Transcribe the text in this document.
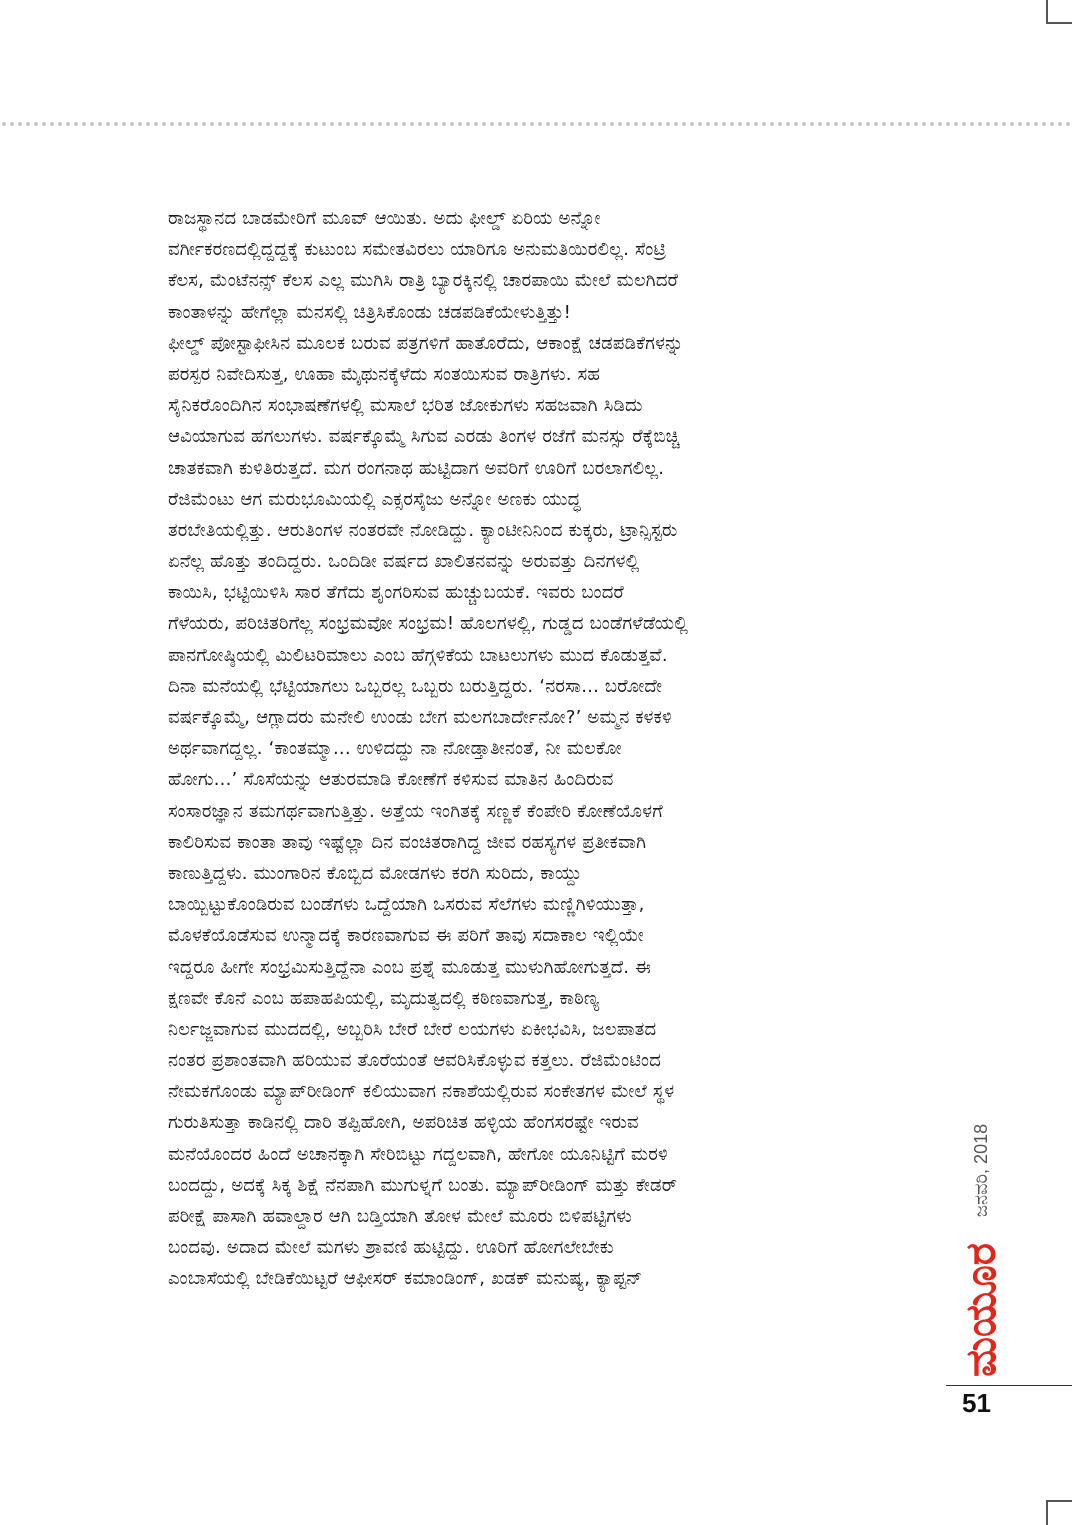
ರಾಜಸ್ಥಾನದ ಬಾಡಮೇರಿಗೆ ಮೂವ್ ಆಯಿತು. ಅದು ಫೀಲ್ಡ್ ಏರಿಯ ಅನ್ನೋ
ವರ್ಗೀಕರಣದಲ್ಲಿದ್ದದ್ದಕ್ಕೆ ಕುಟುಂಬ ಸಮೇತವಿರಲು ಯಾರಿಗೂ ಅನುಮತಿಯಿರಲಿಲ್ಲ. ಸೆಂಟ್ರಿ
ಕೆಲಸ, ಮೆಂಟೆನನ್ಸ್ ಕೆಲಸ ಎಲ್ಲ ಮುಗಿಸಿ ರಾತ್ರಿ ಬ್ಯಾರಕ್ಕಿನಲ್ಲಿ ಚಾರಪಾಯಿ ಮೇಲೆ ಮಲಗಿದರೆ
ಕಾಂತಾಳನ್ನು ಹೇಗೆಲ್ಲಾ ಮನಸಲ್ಲಿ ಚಿತ್ರಿಸಿಕೊಂಡು ಚಡಪಡಿಕೆಯೇಳುತ್ತಿತ್ತು!
ಫೀಲ್ಡ್ ಪೋಸ್ಟಾಫೀಸಿನ ಮೂಲಕ ಬರುವ ಪತ್ರಗಳಿಗೆ ಹಾತೊರೆದು, ಆಕಾಂಕ್ಷೆ ಚಡಪಡಿಕೆಗಳನ್ನು
ಪರಸ್ಪರ ನಿವೇದಿಸುತ್ತ, ಊಹಾ ಮೈಥುನಕ್ಕೆಳೆದು ಸಂತಯಿಸುವ ರಾತ್ರಿಗಳು. ಸಹ
ಸೈನಿಕರೊಂದಿಗಿನ ಸಂಭಾಷಣೆಗಳಲ್ಲಿ ಮಸಾಲೆ ಭರಿತ ಜೋಕುಗಳು ಸಹಜವಾಗಿ ಸಿಡಿದು
ಆವಿಯಾಗುವ ಹಗಲುಗಳು. ವರ್ಷಕ್ಕೊಮ್ಮೆ ಸಿಗುವ ಎರಡು ತಿಂಗಳ ರಜೆಗೆ ಮನಸ್ಸು ರೆಕ್ಕೆಬಿಚ್ಚಿ
ಚಾತಕವಾಗಿ ಕುಳಿತಿರುತ್ತದೆ. ಮಗ ರಂಗನಾಥ ಹುಟ್ಟಿದಾಗ ಅವರಿಗೆ ಊರಿಗೆ ಬರಲಾಗಲಿಲ್ಲ.
ರೆಜಿಮೆಂಟು ಆಗ ಮರುಭೂಮಿಯಲ್ಲಿ ಎಕ್ಸರಸೈಜು ಅನ್ನೋ ಅಣಕು ಯುದ್ಧ
ತರಬೇತಿಯಲ್ಲಿತ್ತು. ಆರುತಿಂಗಳ ನಂತರವೇ ನೋಡಿದ್ದು. ಕ್ಯಾಂಟೀನಿನಿಂದ ಕುಕ್ಕರು, ಟ್ರಾನ್ಸಿಸ್ಟರು
ಏನೆಲ್ಲ ಹೊತ್ತು ತಂದಿದ್ದರು. ಒಂದಿಡೀ ವರ್ಷದ ಖಾಲಿತನವನ್ನು ಅರುವತ್ತು ದಿನಗಳಲ್ಲಿ
ಕಾಯಿಸಿ, ಭಟ್ಟಿಯಿಳಿಸಿ ಸಾರ ತೆಗೆದು ಶೃಂಗರಿಸುವ ಹುಚ್ಚುಬಯಕೆ. ಇವರು ಬಂದರೆ
ಗೆಳೆಯರು, ಪರಿಚಿತರಿಗೆಲ್ಲ ಸಂಭ್ರಮವೋ ಸಂಭ್ರಮ! ಹೊಲಗಳಲ್ಲಿ, ಗುಡ್ಡದ ಬಂಡೆಗಳೆಡೆಯಲ್ಲಿ
ಪಾನಗೋಷ್ಠಿಯಲ್ಲಿ ಮಿಲಿಟರಿಮಾಲು ಎಂಬ ಹೆಗ್ಗಳಿಕೆಯ ಬಾಟಲುಗಳು ಮುದ ಕೊಡುತ್ತವೆ.
ದಿನಾ ಮನೆಯಲ್ಲಿ ಭೆಟ್ಟಿಯಾಗಲು ಒಬ್ಬರಲ್ಲ ಒಬ್ಬರು ಬರುತ್ತಿದ್ದರು. ‘ನರಸಾ... ಬರೋದೇ
ವರ್ಷಕ್ಕೊಮ್ಮೆ, ಆಗ್ಲಾದರು ಮನೇಲಿ ಉಂಡು ಬೇಗ ಮಲಗಬಾರ್ದೇನೋ?’ ಅಮ್ಮನ ಕಳಕಳಿ
ಅರ್ಥವಾಗದ್ದಲ್ಲ. ‘ಕಾಂತಮ್ಮಾ... ಉಳಿದದ್ದು ನಾ ನೋಡ್ತಾತೀನಂತೆ, ನೀ ಮಲಕೋ
ಹೋಗು...’ ಸೊಸೆಯನ್ನು ಆತುರಮಾಡಿ ಕೋಣೆಗೆ ಕಳಿಸುವ ಮಾತಿನ ಹಿಂದಿರುವ
ಸಂಸಾರಜ್ಞಾನ ತಮಗರ್ಥವಾಗುತ್ತಿತ್ತು. ಅತ್ತೆಯ ಇಂಗಿತಕ್ಕೆ ಸಣ್ಣಕೆ ಕೆಂಪೇರಿ ಕೋಣೆಯೊಳಗೆ
ಕಾಲಿರಿಸುವ ಕಾಂತಾ ತಾವು ಇಷ್ಟೆಲ್ಲಾ ದಿನ ವಂಚಿತರಾಗಿದ್ದ ಜೀವ ರಹಸ್ಯಗಳ ಪ್ರತೀಕವಾಗಿ
ಕಾಣುತ್ತಿದ್ದಳು. ಮುಂಗಾರಿನ ಕೊಬ್ಬಿದ ಮೋಡಗಳು ಕರಗಿ ಸುರಿದು, ಕಾಯ್ದು
ಬಾಯ್ಬಿಟ್ಟುಕೊಂಡಿರುವ ಬಂಡೆಗಳು ಒದ್ದೆಯಾಗಿ ಒಸರುವ ಸೆಲೆಗಳು ಮಣ್ಣಿಗಿಳಿಯುತ್ತಾ,
ಮೊಳಕೆಯೊಡೆಸುವ ಉನ್ಮಾದಕ್ಕೆ ಕಾರಣವಾಗುವ ಈ ಪರಿಗೆ ತಾವು ಸದಾಕಾಲ ಇಲ್ಲಿಯೇ
ಇದ್ದರೂ ಹೀಗೇ ಸಂಭ್ರಮಿಸುತ್ತಿದ್ದೆನಾ ಎಂಬ ಪ್ರಶ್ನೆ ಮೂಡುತ್ತ ಮುಳುಗಿಹೋಗುತ್ತದೆ. ಈ
ಕ್ಷಣವೇ ಕೊನೆ ಎಂಬ ಹಪಾಹಪಿಯಲ್ಲಿ, ಮೃದುತ್ವದಲ್ಲಿ ಕಠಿಣವಾಗುತ್ತ, ಕಾಠಿಣ್ಯ
ನಿರ್ಲಜ್ಜವಾಗುವ ಮುದದಲ್ಲಿ, ಅಬ್ಬರಿಸಿ ಬೇರೆ ಬೇರೆ ಲಯಗಳು ಏಕೀಭವಿಸಿ, ಜಲಪಾತದ
ನಂತರ ಪ್ರಶಾಂತವಾಗಿ ಹರಿಯುವ ತೊರೆಯಂತೆ ಆವರಿಸಿಕೊಳ್ಳುವ ಕತ್ತಲು. ರೆಜಿಮೆಂಟಿಂದ
ನೇಮಕಗೊಂಡು ಮ್ಯಾಪ್‌ರೀಡಿಂಗ್ ಕಲಿಯುವಾಗ ನಕಾಶೆಯಲ್ಲಿರುವ ಸಂಕೇತಗಳ ಮೇಲೆ ಸ್ಥಳ
ಗುರುತಿಸುತ್ತಾ ಕಾಡಿನಲ್ಲಿ ದಾರಿ ತಪ್ಪಿಹೋಗಿ, ಅಪರಿಚಿತ ಹಳ್ಳಿಯ ಹೆಂಗಸರಷ್ಟೇ ಇರುವ
ಮನೆಯೊಂದರ ಹಿಂದೆ ಅಚಾನಕ್ಕಾಗಿ ಸೇರಿಬಿಟ್ಟು ಗದ್ದಲವಾಗಿ, ಹೇಗೋ ಯೂನಿಟ್ಟಿಗೆ ಮರಳಿ
ಬಂದದ್ದು, ಅದಕ್ಕೆ ಸಿಕ್ಕ ಶಿಕ್ಷೆ ನೆನಪಾಗಿ ಮುಗುಳ್ನಗೆ ಬಂತು. ಮ್ಯಾಪ್‌ರೀಡಿಂಗ್ ಮತ್ತು ಕೇಡರ್
ಪರೀಕ್ಷೆ ಪಾಸಾಗಿ ಹವಾಲ್ದಾರ ಆಗಿ ಬಡ್ತಿಯಾಗಿ ತೋಳ ಮೇಲೆ ಮೂರು ಬಿಳಿಪಟ್ಟಿಗಳು
ಬಂದವು. ಅದಾದ ಮೇಲೆ ಮಗಳು ಶ್ರಾವಣಿ ಹುಟ್ಟಿದ್ದು. ಊರಿಗೆ ಹೋಗಲೇಬೇಕು
ಎಂಬಾಸೆಯಲ್ಲಿ ಬೇಡಿಕೆಯಿಟ್ಟರೆ ಆಫೀಸರ್ ಕಮಾಂಡಿಂಗ್, ಖಡಕ್ ಮನುಷ್ಯ, ಕ್ಯಾಪ್ಟನ್
ಜನವರಿ, 2018
ಮಯೂರ
51
